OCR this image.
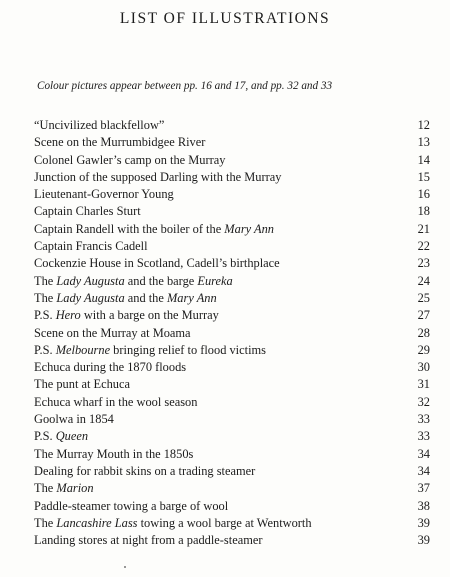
LIST OF ILLUSTRATIONS

Colour pictures appear between pp. 16 and 17, and pp. 32 and 33

“Uncivilized blackfellow”	12
Scene on the Murrumbidgee River	13
Colonel Gawler’s camp on the Murray	14
Junction of the supposed Darling with the Murray	15
Lieutenant-Governor Young	16
Captain Charles Sturt	18
Captain Randell with the boiler of the Mary Ann	21
Captain Francis Cadell	22
Cockenzie House in Scotland, Cadell’s birthplace	23
The Lady Augusta and the barge Eureka	24
The Lady Augusta and the Mary Ann	25
P.S. Hero with a barge on the Murray	27
Scene on the Murray at Moama	28
P.S. Melbourne bringing relief to flood victims	29
Echuca during the 1870 floods	30
The punt at Echuca	31
Echuca wharf in the wool season	32
Goolwa in 1854	33
P.S. Queen	33
The Murray Mouth in the 1850s	34
Dealing for rabbit skins on a trading steamer	34
The Marion	37
Paddle-steamer towing a barge of wool	38
The Lancashire Lass towing a wool barge at Wentworth	39
Landing stores at night from a paddle-steamer	39
